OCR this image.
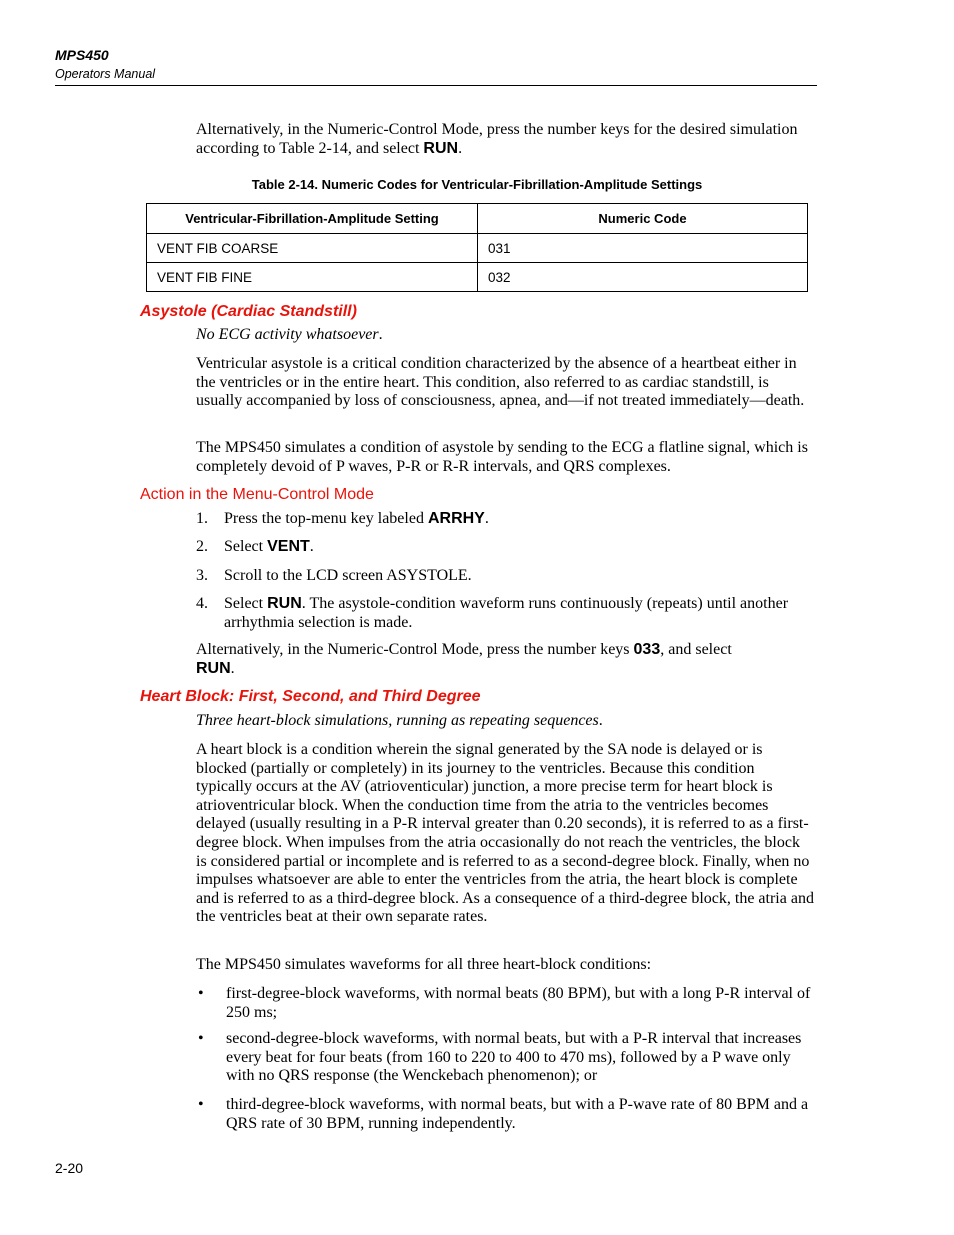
MPS450
Operators Manual
Alternatively, in the Numeric-Control Mode, press the number keys for the desired simulation according to Table 2-14, and select RUN.
Table 2-14. Numeric Codes for Ventricular-Fibrillation-Amplitude Settings
Ventricular-Fibrillation-Amplitude Setting	Numeric Code
VENT FIB COARSE	031
VENT FIB FINE	032
Asystole (Cardiac Standstill)
No ECG activity whatsoever.
Ventricular asystole is a critical condition characterized by the absence of a heartbeat either in the ventricles or in the entire heart. This condition, also referred to as cardiac standstill, is usually accompanied by loss of consciousness, apnea, and—if not treated immediately—death.
The MPS450 simulates a condition of asystole by sending to the ECG a flatline signal, which is completely devoid of P waves, P-R or R-R intervals, and QRS complexes.
Action in the Menu-Control Mode
1.	Press the top-menu key labeled ARRHY.
2.	Select VENT.
3.	Scroll to the LCD screen ASYSTOLE.
4.	Select RUN. The asystole-condition waveform runs continuously (repeats) until another arrhythmia selection is made.
Alternatively, in the Numeric-Control Mode, press the number keys 033, and select
RUN.
Heart Block: First, Second, and Third Degree
Three heart-block simulations, running as repeating sequences.
A heart block is a condition wherein the signal generated by the SA node is delayed or is blocked (partially or completely) in its journey to the ventricles. Because this condition typically occurs at the AV (atrioventicular) junction, a more precise term for heart block is atrioventricular block. When the conduction time from the atria to the ventricles becomes delayed (usually resulting in a P-R interval greater than 0.20 seconds), it is referred to as a first-degree block. When impulses from the atria occasionally do not reach the ventricles, the block is considered partial or incomplete and is referred to as a second-degree block. Finally, when no impulses whatsoever are able to enter the ventricles from the atria, the heart block is complete and is referred to as a third-degree block. As a consequence of a third-degree block, the atria and the ventricles beat at their own separate rates.
The MPS450 simulates waveforms for all three heart-block conditions:
• first-degree-block waveforms, with normal beats (80 BPM), but with a long P-R interval of 250 ms;
• second-degree-block waveforms, with normal beats, but with a P-R interval that increases every beat for four beats (from 160 to 220 to 400 to 470 ms), followed by a P wave only with no QRS response (the Wenckebach phenomenon); or
• third-degree-block waveforms, with normal beats, but with a P-wave rate of 80 BPM and a QRS rate of 30 BPM, running independently.
2-20
